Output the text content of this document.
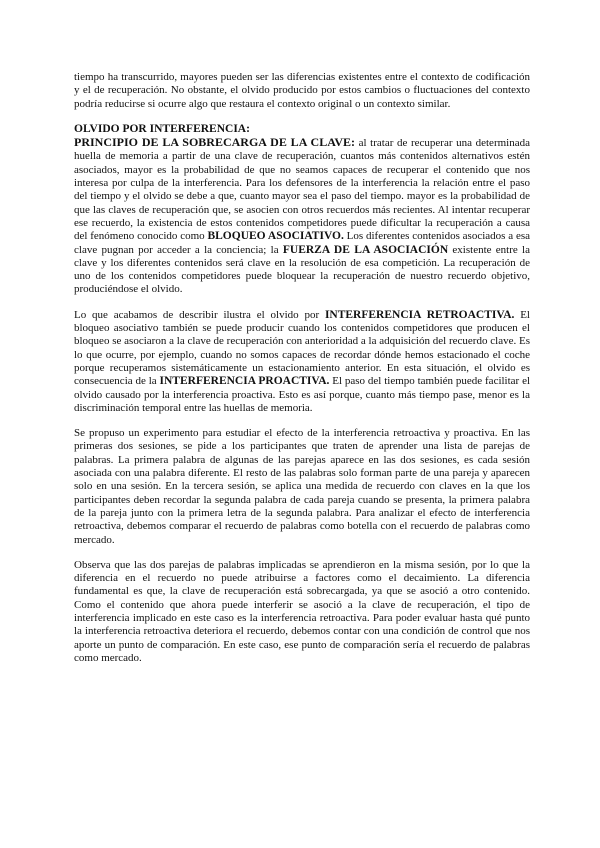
tiempo ha transcurrido, mayores pueden ser las diferencias existentes entre el contexto de codificación y el de recuperación. No obstante, el olvido producido por estos cambios o fluctuaciones del contexto podría reducirse si ocurre algo que restaura el contexto original o un contexto similar.

OLVIDO POR INTERFERENCIA:

PRINCIPIO DE LA SOBRECARGA DE LA CLAVE: al tratar de recuperar una determinada huella de memoria a partir de una clave de recuperación, cuantos más contenidos alternativos estén asociados, mayor es la probabilidad de que no seamos capaces de recuperar el contenido que nos interesa por culpa de la interferencia. Para los defensores de la interferencia la relación entre el paso del tiempo y el olvido se debe a que, cuanto mayor sea el paso del tiempo. mayor es la probabilidad de que las claves de recuperación que, se asocien con otros recuerdos más recientes. Al intentar recuperar ese recuerdo, la existencia de estos contenidos competidores puede dificultar la recuperación a causa del fenómeno conocido como BLOQUEO ASOCIATIVO. Los diferentes contenidos asociados a esa clave pugnan por acceder a la conciencia; la FUERZA DE LA ASOCIACIÓN existente entre la clave y los diferentes contenidos será clave en la resolución de esa competición. La recuperación de uno de los contenidos competidores puede bloquear la recuperación de nuestro recuerdo objetivo, produciéndose el olvido.

Lo que acabamos de describir ilustra el olvido por INTERFERENCIA RETROACTIVA. El bloqueo asociativo también se puede producir cuando los contenidos competidores que producen el bloqueo se asociaron a la clave de recuperación con anterioridad a la adquisición del recuerdo clave. Es lo que ocurre, por ejemplo, cuando no somos capaces de recordar dónde hemos estacionado el coche porque recuperamos sistemáticamente un estacionamiento anterior. En esta situación, el olvido es consecuencia de la INTERFERENCIA PROACTIVA. El paso del tiempo también puede facilitar el olvido causado por la interferencia proactiva. Esto es así porque, cuanto más tiempo pase, menor es la discriminación temporal entre las huellas de memoria.

Se propuso un experimento para estudiar el efecto de la interferencia retroactiva y proactiva. En las primeras dos sesiones, se pide a los participantes que traten de aprender una lista de parejas de palabras. La primera palabra de algunas de las parejas aparece en las dos sesiones, es cada sesión asociada con una palabra diferente. El resto de las palabras solo forman parte de una pareja y aparecen solo en una sesión. En la tercera sesión, se aplica una medida de recuerdo con claves en la que los participantes deben recordar la segunda palabra de cada pareja cuando se presenta, la primera palabra de la pareja junto con la primera letra de la segunda palabra. Para analizar el efecto de interferencia retroactiva, debemos comparar el recuerdo de palabras como botella con el recuerdo de palabras como mercado.

Observa que las dos parejas de palabras implicadas se aprendieron en la misma sesión, por lo que la diferencia en el recuerdo no puede atribuirse a factores como el decaimiento. La diferencia fundamental es que, la clave de recuperación está sobrecargada, ya que se asoció a otro contenido. Como el contenido que ahora puede interferir se asoció a la clave de recuperación, el tipo de interferencia implicado en este caso es la interferencia retroactiva. Para poder evaluar hasta qué punto la interferencia retroactiva deteriora el recuerdo, debemos contar con una condición de control que nos aporte un punto de comparación. En este caso, ese punto de comparación sería el recuerdo de palabras como mercado.
